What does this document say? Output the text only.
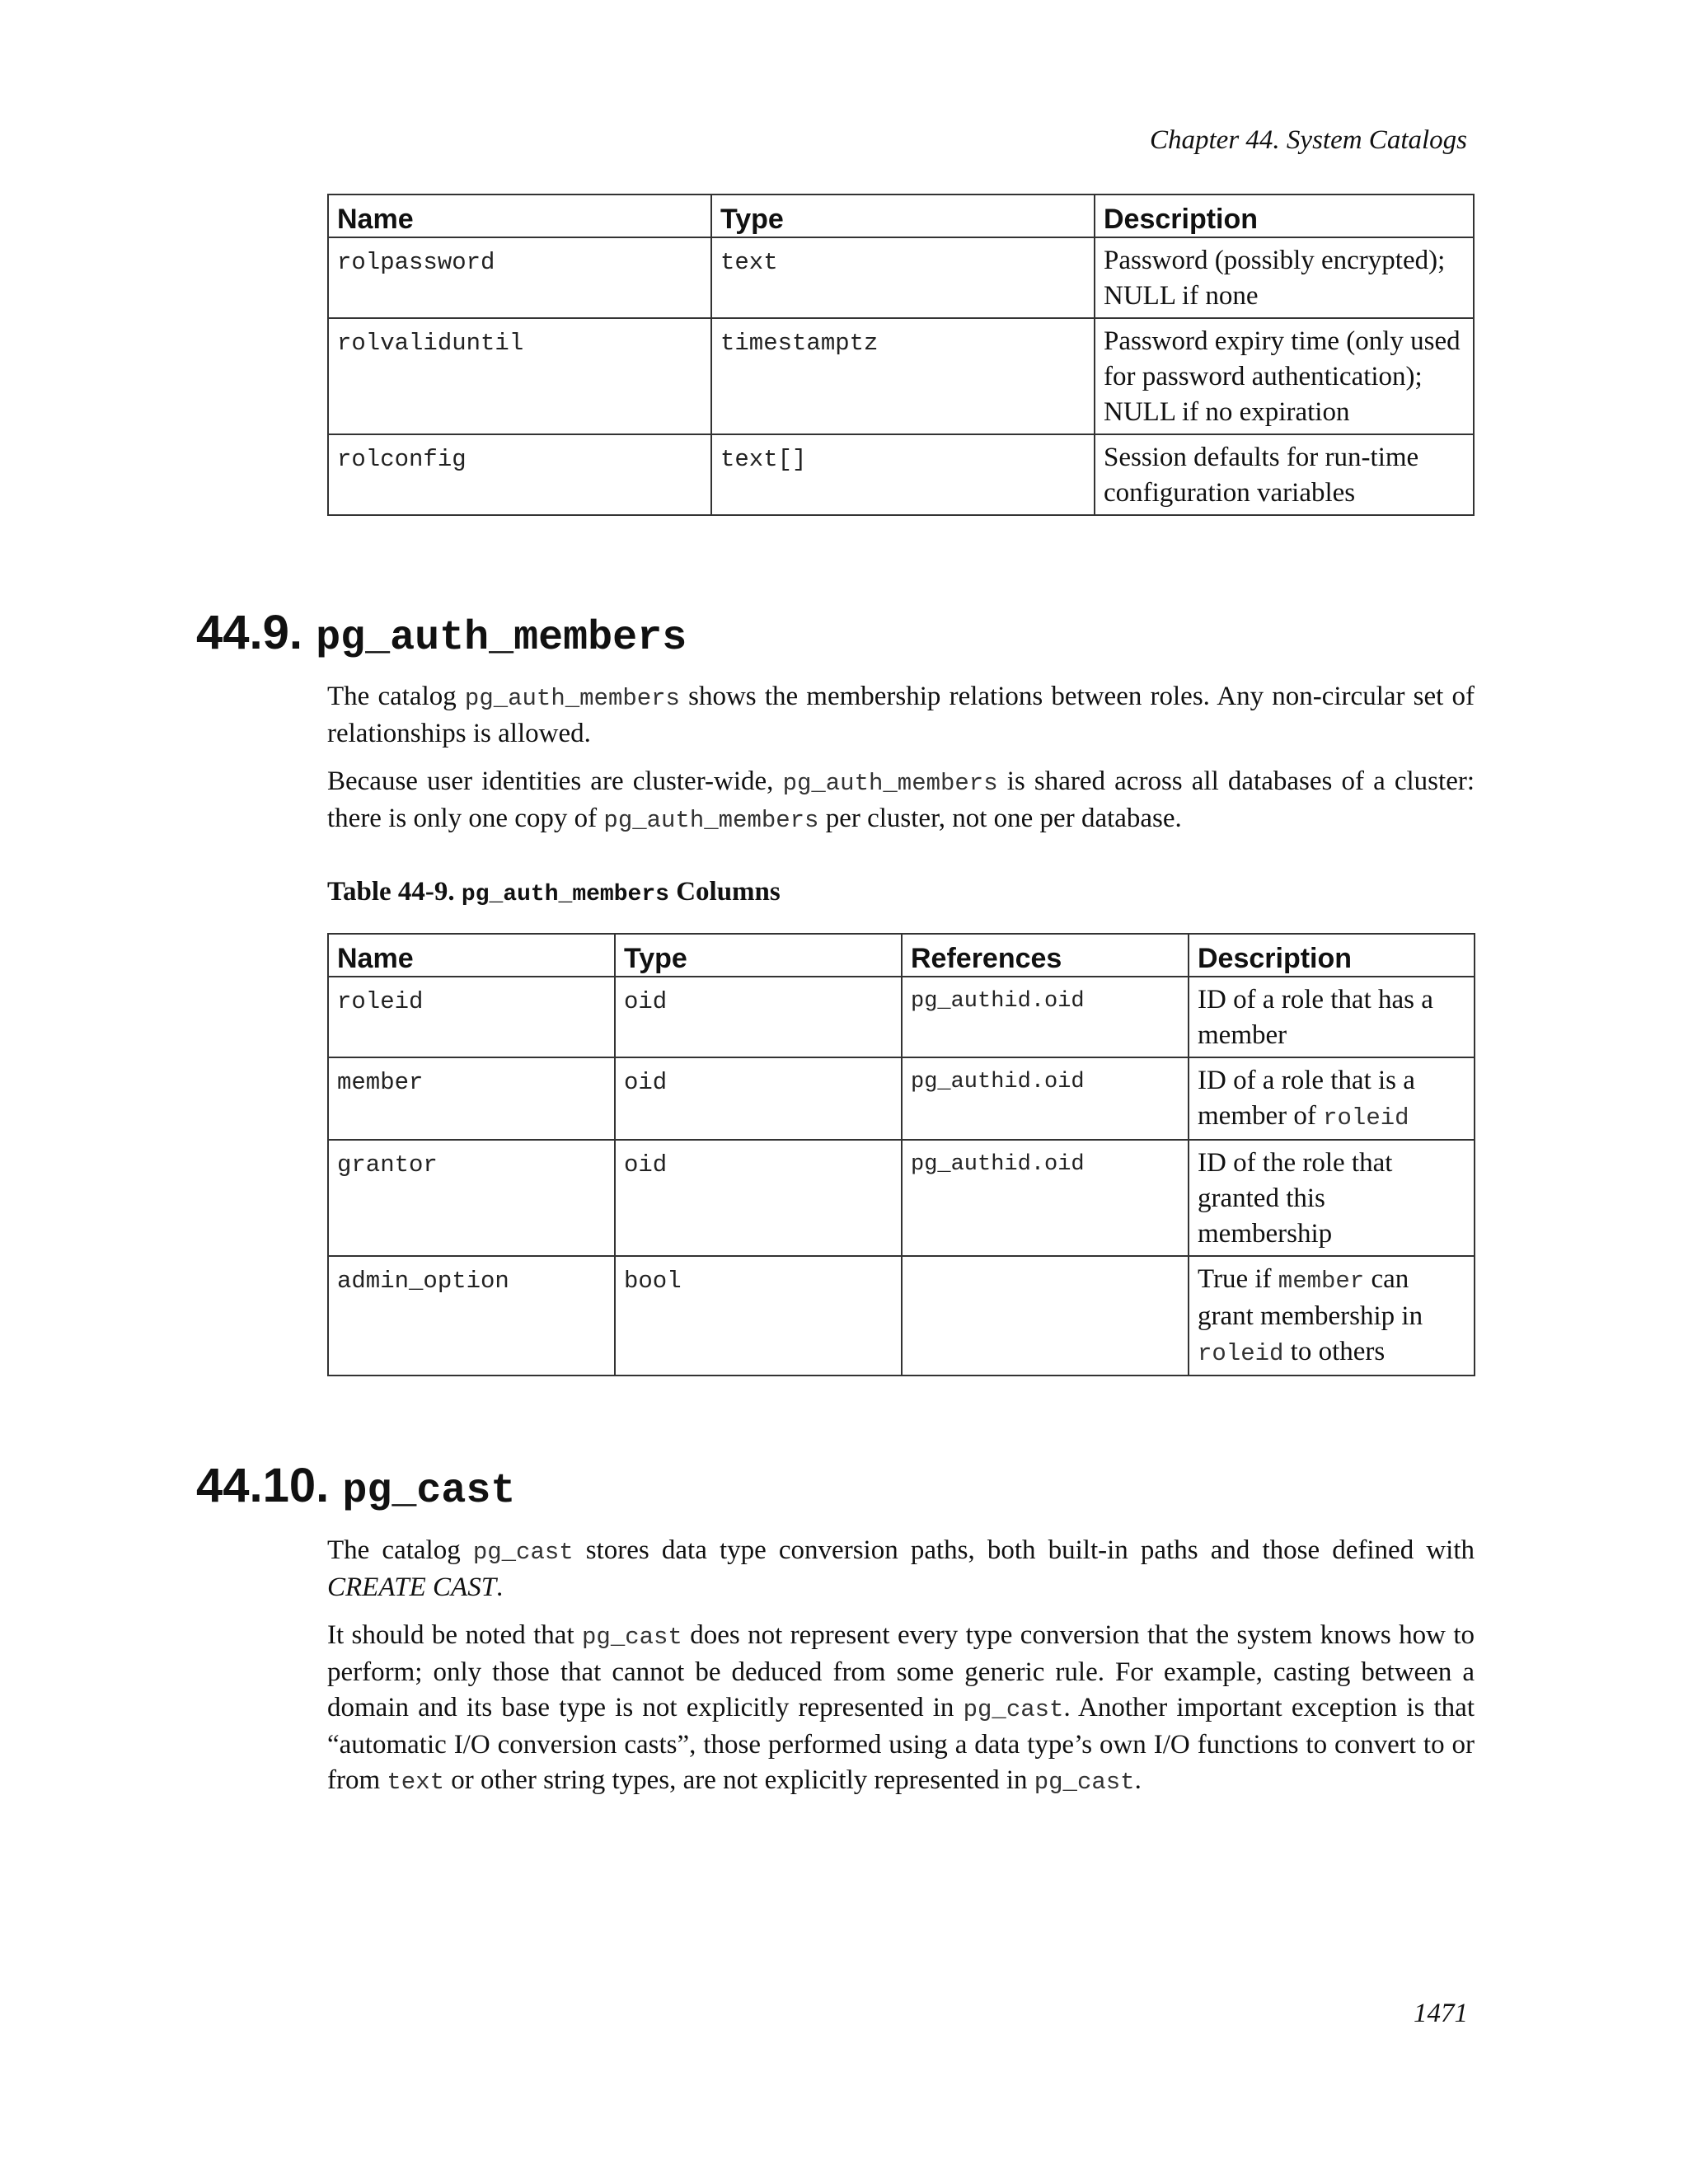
Chapter 44. System Catalogs
Name	Type	Description
rolpassword	text	Password (possibly encrypted); NULL if none
rolvaliduntil	timestamptz	Password expiry time (only used for password authentication); NULL if no expiration
rolconfig	text[]	Session defaults for run-time configuration variables
44.9. pg_auth_members

The catalog pg_auth_members shows the membership relations between roles. Any non-circular set of relationships is allowed.

Because user identities are cluster-wide, pg_auth_members is shared across all databases of a cluster: there is only one copy of pg_auth_members per cluster, not one per database.

Table 44-9. pg_auth_members Columns
Name	Type	References	Description
roleid	oid	pg_authid.oid	ID of a role that has a member
member	oid	pg_authid.oid	ID of a role that is a member of roleid
grantor	oid	pg_authid.oid	ID of the role that granted this membership
admin_option	bool		True if member can grant membership in roleid to others
44.10. pg_cast

The catalog pg_cast stores data type conversion paths, both built-in paths and those defined with CREATE CAST.

It should be noted that pg_cast does not represent every type conversion that the system knows how to perform; only those that cannot be deduced from some generic rule. For example, casting between a domain and its base type is not explicitly represented in pg_cast. Another important exception is that “automatic I/O conversion casts”, those performed using a data type’s own I/O functions to convert to or from text or other string types, are not explicitly represented in pg_cast.

1471
